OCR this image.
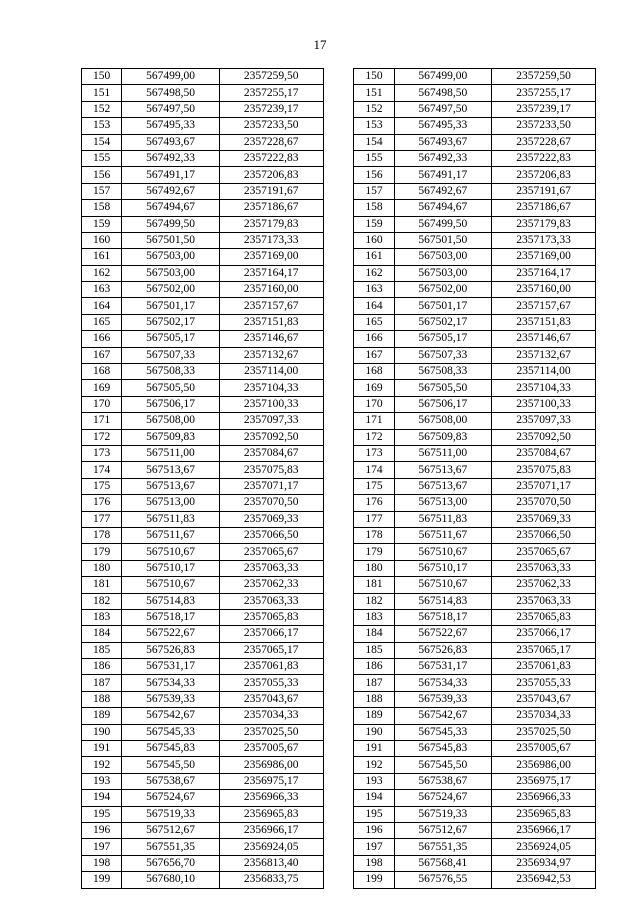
17
150	567499,00	2357259,50		150	567499,00	2357259,50
151	567498,50	2357255,17		151	567498,50	2357255,17
152	567497,50	2357239,17		152	567497,50	2357239,17
153	567495,33	2357233,50		153	567495,33	2357233,50
154	567493,67	2357228,67		154	567493,67	2357228,67
155	567492,33	2357222,83		155	567492,33	2357222,83
156	567491,17	2357206,83		156	567491,17	2357206,83
157	567492,67	2357191,67		157	567492,67	2357191,67
158	567494,67	2357186,67		158	567494,67	2357186,67
159	567499,50	2357179,83		159	567499,50	2357179,83
160	567501,50	2357173,33		160	567501,50	2357173,33
161	567503,00	2357169,00		161	567503,00	2357169,00
162	567503,00	2357164,17		162	567503,00	2357164,17
163	567502,00	2357160,00		163	567502,00	2357160,00
164	567501,17	2357157,67		164	567501,17	2357157,67
165	567502,17	2357151,83		165	567502,17	2357151,83
166	567505,17	2357146,67		166	567505,17	2357146,67
167	567507,33	2357132,67		167	567507,33	2357132,67
168	567508,33	2357114,00		168	567508,33	2357114,00
169	567505,50	2357104,33		169	567505,50	2357104,33
170	567506,17	2357100,33		170	567506,17	2357100,33
171	567508,00	2357097,33		171	567508,00	2357097,33
172	567509,83	2357092,50		172	567509,83	2357092,50
173	567511,00	2357084,67		173	567511,00	2357084,67
174	567513,67	2357075,83		174	567513,67	2357075,83
175	567513,67	2357071,17		175	567513,67	2357071,17
176	567513,00	2357070,50		176	567513,00	2357070,50
177	567511,83	2357069,33		177	567511,83	2357069,33
178	567511,67	2357066,50		178	567511,67	2357066,50
179	567510,67	2357065,67		179	567510,67	2357065,67
180	567510,17	2357063,33		180	567510,17	2357063,33
181	567510,67	2357062,33		181	567510,67	2357062,33
182	567514,83	2357063,33		182	567514,83	2357063,33
183	567518,17	2357065,83		183	567518,17	2357065,83
184	567522,67	2357066,17		184	567522,67	2357066,17
185	567526,83	2357065,17		185	567526,83	2357065,17
186	567531,17	2357061,83		186	567531,17	2357061,83
187	567534,33	2357055,33		187	567534,33	2357055,33
188	567539,33	2357043,67		188	567539,33	2357043,67
189	567542,67	2357034,33		189	567542,67	2357034,33
190	567545,33	2357025,50		190	567545,33	2357025,50
191	567545,83	2357005,67		191	567545,83	2357005,67
192	567545,50	2356986,00		192	567545,50	2356986,00
193	567538,67	2356975,17		193	567538,67	2356975,17
194	567524,67	2356966,33		194	567524,67	2356966,33
195	567519,33	2356965,83		195	567519,33	2356965,83
196	567512,67	2356966,17		196	567512,67	2356966,17
197	567551,35	2356924,05		197	567551,35	2356924,05
198	567656,70	2356813,40		198	567568,41	2356934,97
199	567680,10	2356833,75		199	567576,55	2356942,53
